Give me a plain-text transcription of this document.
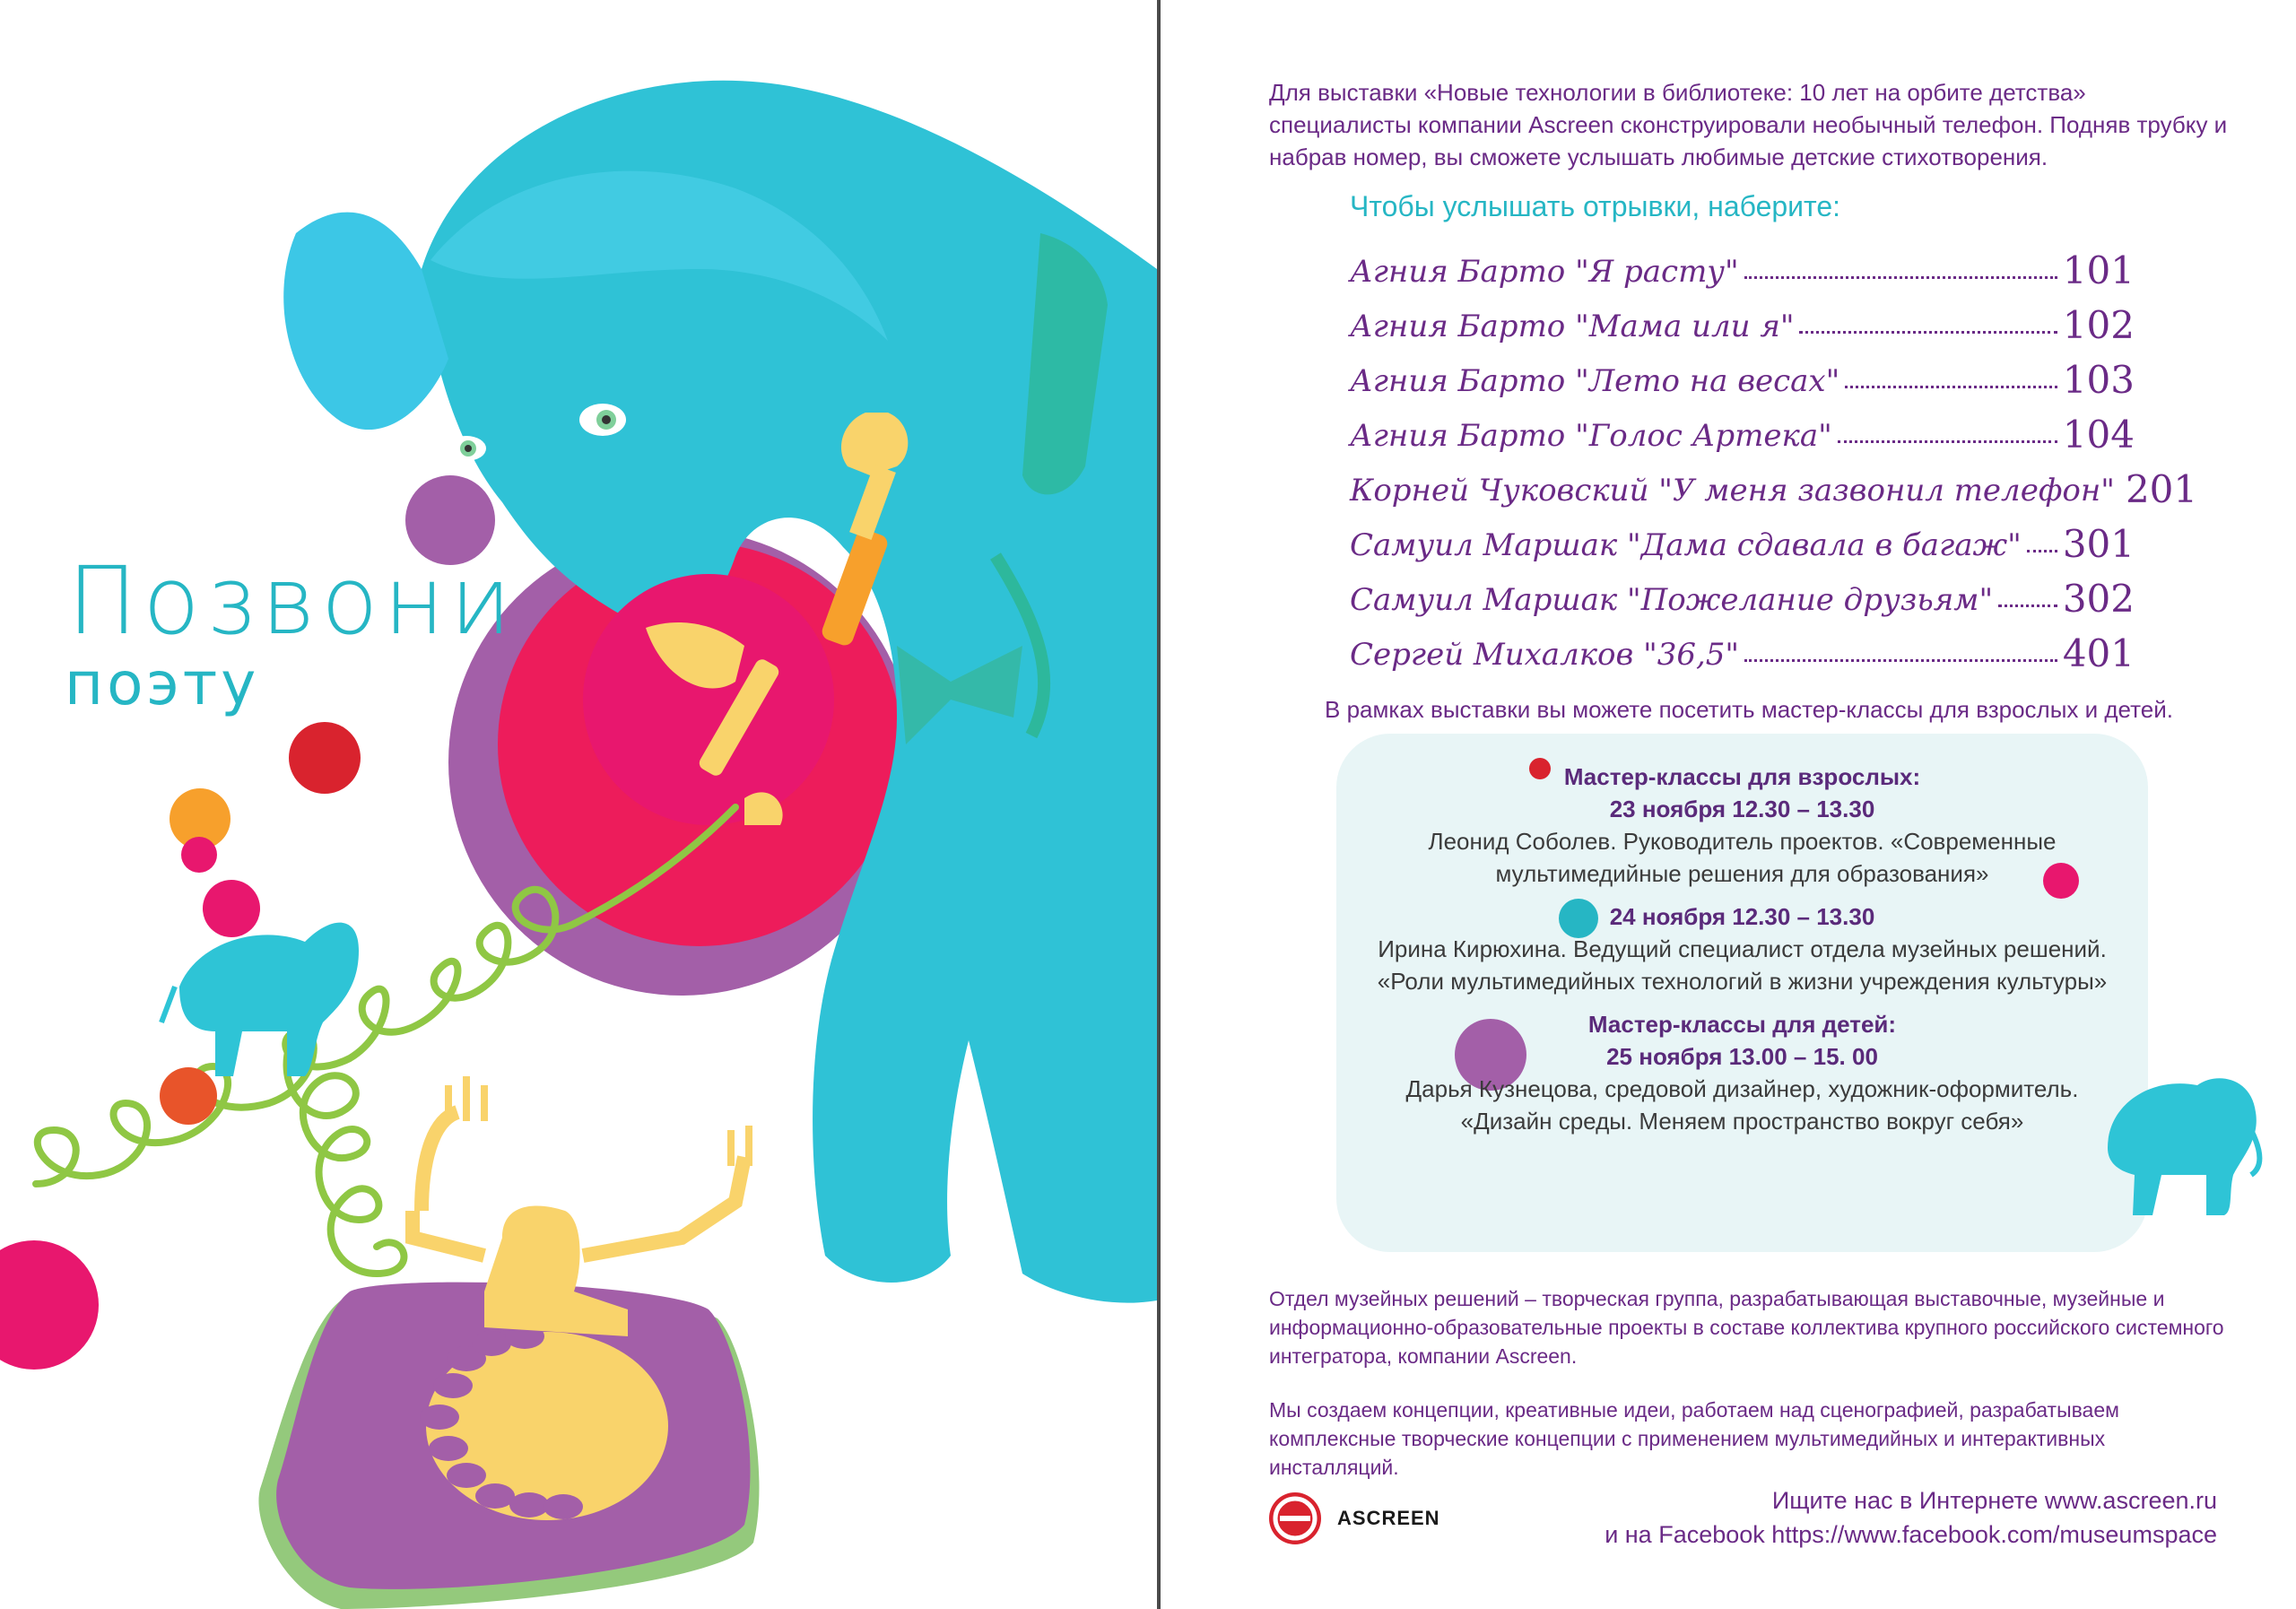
Позвони
поэту
Для выставки «Новые технологии в библиотеке: 10 лет на орбите детства» специалисты компании Ascreen сконструировали необычный телефон. Подняв трубку и набрав номер, вы сможете услышать любимые детские стихотворения.
Чтобы услышать отрывки, наберите:
Агния Барто "Я расту"	101
Агния Барто "Мама или я"	102
Агния Барто "Лето на весах"	103
Агния Барто "Голос Артека"	104
Корней Чуковский "У меня зазвонил телефон" 201
Самуил Маршак "Дама сдавала в багаж" 301
Самуил Маршак "Пожелание друзьям" 302
Сергей Михалков "36,5"	401
В рамках выставки вы можете посетить мастер-классы для взрослых и детей.
Мастер-классы для взрослых:
23 ноября 12.30 – 13.30
Леонид Соболев. Руководитель проектов. «Современные мультимедийные решения для образования»
24 ноября 12.30 – 13.30
Ирина Кирюхина. Ведущий специалист отдела музейных решений. «Роли мультимедийных технологий в жизни учреждения культуры»
Мастер-классы для детей:
25 ноября 13.00 – 15. 00
Дарья Кузнецова, средовой дизайнер, художник-оформитель. «Дизайн среды. Меняем пространство вокруг себя»

Отдел музейных решений – творческая группа, разрабатывающая выставочные, музейные и информационно-образовательные проекты в составе коллектива крупного российского системного интегратора, компании Ascreen.

Мы создаем концепции, креативные идеи, работаем над сценографией, разрабатываем комплексные творческие концепции с применением мультимедийных и интерактивных инсталляций.

ASCREEN
Ищите нас в Интернете www.ascreen.ru
и на Facebook https://www.facebook.com/museumspace
